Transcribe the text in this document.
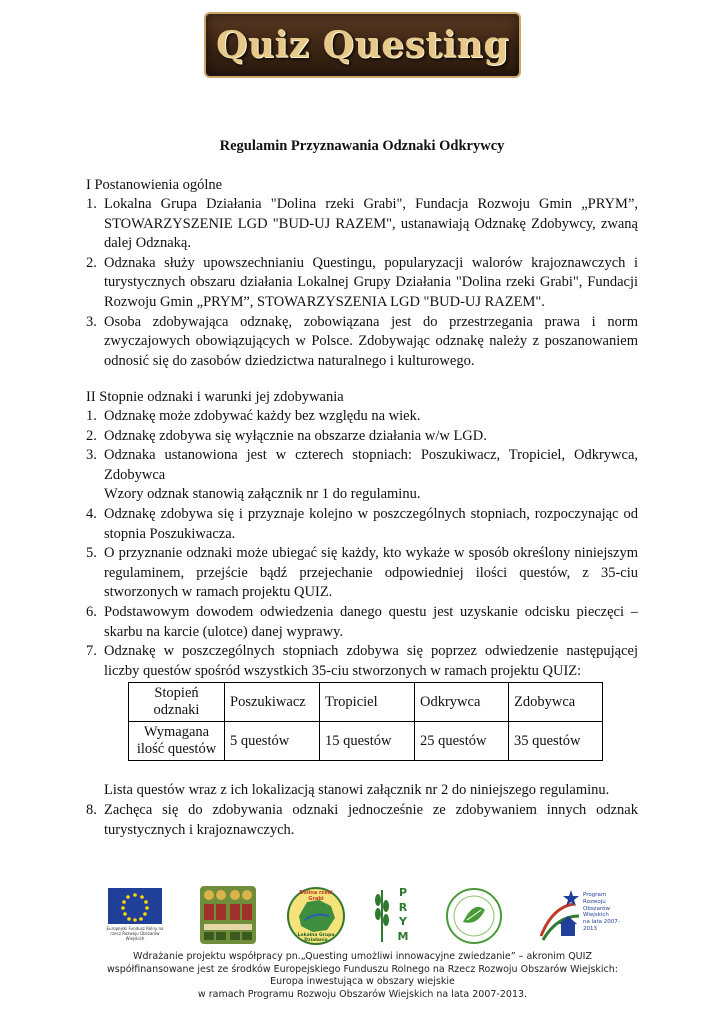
Quiz Questing
Regulamin Przyznawania Odznaki Odkrywcy
I Postanowienia ogólne
1. Lokalna Grupa Działania "Dolina rzeki Grabi", Fundacja Rozwoju Gmin „PRYM”, STOWARZYSZENIE LGD "BUD-UJ RAZEM", ustanawiają Odznakę Zdobywcy, zwaną dalej Odznaką.
2. Odznaka służy upowszechnianiu Questingu, popularyzacji walorów krajoznawczych i turystycznych obszaru działania Lokalnej Grupy Działania "Dolina rzeki Grabi", Fundacji Rozwoju Gmin „PRYM”, STOWARZYSZENIA LGD "BUD-UJ RAZEM".
3. Osoba zdobywająca odznakę, zobowiązana jest do przestrzegania prawa i norm zwyczajowych obowiązujących w Polsce. Zdobywając odznakę należy z poszanowaniem odnosić się do zasobów dziedzictwa naturalnego i kulturowego.
II Stopnie odznaki i warunki jej zdobywania
1. Odznakę może zdobywać każdy bez względu na wiek.
2. Odznakę zdobywa się wyłącznie na obszarze działania w/w LGD.
3. Odznaka ustanowiona jest w czterech stopniach: Poszukiwacz, Tropiciel, Odkrywca, Zdobywca
Wzory odznak stanowią załącznik nr 1 do regulaminu.
4. Odznakę zdobywa się i przyznaje kolejno w poszczególnych stopniach, rozpoczynając od stopnia Poszukiwacza.
5. O przyznanie odznaki może ubiegać się każdy, kto wykaże w sposób określony niniejszym regulaminem, przejście bądź przejechanie odpowiedniej ilości questów, z 35-ciu stworzonych w ramach projektu QUIZ.
6. Podstawowym dowodem odwiedzenia danego questu jest uzyskanie odcisku pieczęci – skarbu na karcie (ulotce) danej wyprawy.
7. Odznakę w poszczególnych stopniach zdobywa się poprzez odwiedzenie następującej liczby questów spośród wszystkich 35-ciu stworzonych w ramach projektu QUIZ:
Stopień odznaki	Poszukiwacz	Tropiciel	Odkrywca	Zdobywca
Wymagana ilość questów	5 questów	15 questów	25 questów	35 questów
Lista questów wraz z ich lokalizacją stanowi załącznik nr 2 do niniejszego regulaminu.
8. Zachęca się do zdobywania odznaki jednocześnie ze zdobywaniem innych odznak turystycznych i krajoznawczych.
Europejski Fundusz Rolny na rzecz Rozwoju Obszarów Wiejskich
Dolina rzeki Grabi
Lokalna Grupa Działania
P
R
Y
M
Program
Rozwoju
Obszarów
Wiejskich
na lata 2007-2013
Wdrażanie projektu współpracy pn.„Questing umożliwi innowacyjne zwiedzanie” – akronim QUIZ
współfinansowane jest ze środków Europejskiego Funduszu Rolnego na Rzecz Rozwoju Obszarów Wiejskich:
Europa inwestująca w obszary wiejskie
w ramach Programu Rozwoju Obszarów Wiejskich na lata 2007-2013.
